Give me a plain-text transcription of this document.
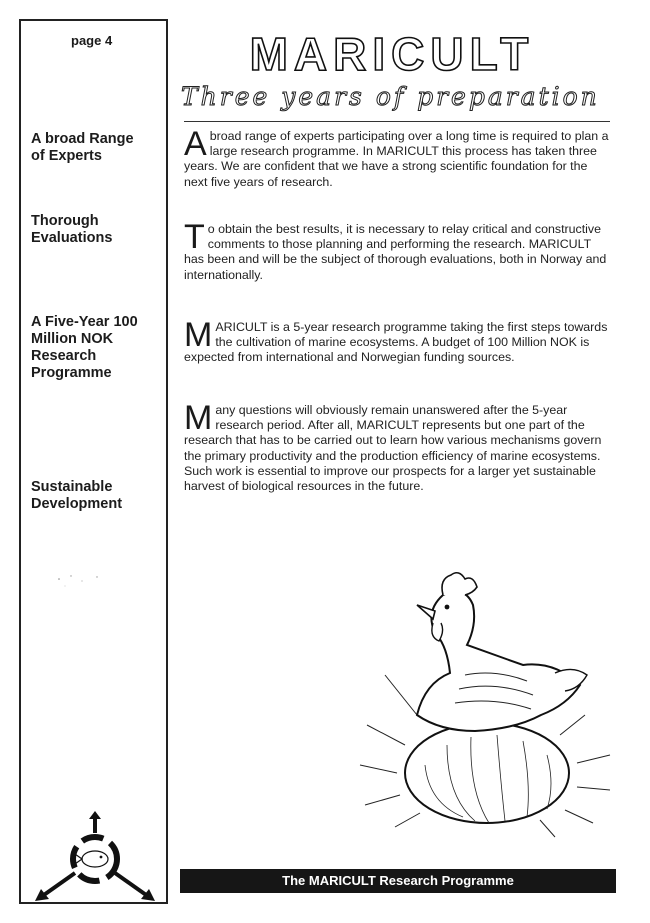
page 4
A broad Range
of Experts
Thorough
Evaluations
A Five-Year 100
Million NOK
Research
Programme
Sustainable
Development
MARICULT
Three years of preparation

Abroad range of experts participating over a long time is required to plan a large research programme. In MARICULT this process has taken three years. We are confident that we have a strong scientific foundation for the next five years of research.

To obtain the best results, it is necessary to relay critical and constructive comments to those planning and performing the research. MARICULT has been and will be the subject of thorough evaluations, both in Norway and internationally.

MARICULT is a 5-year research programme taking the first steps towards the cultivation of marine ecosystems. A budget of 100 Million NOK is expected from international and Norwegian funding sources.

Many questions will obviously remain unanswered after the 5-year research period. After all, MARICULT represents but one part of the research that has to be carried out to learn how various mechanisms govern the primary productivity and the production efficiency of marine ecosystems. Such work is essential to improve our prospects for a larger yet sustainable harvest of biological resources in the future.

The MARICULT Research Programme
